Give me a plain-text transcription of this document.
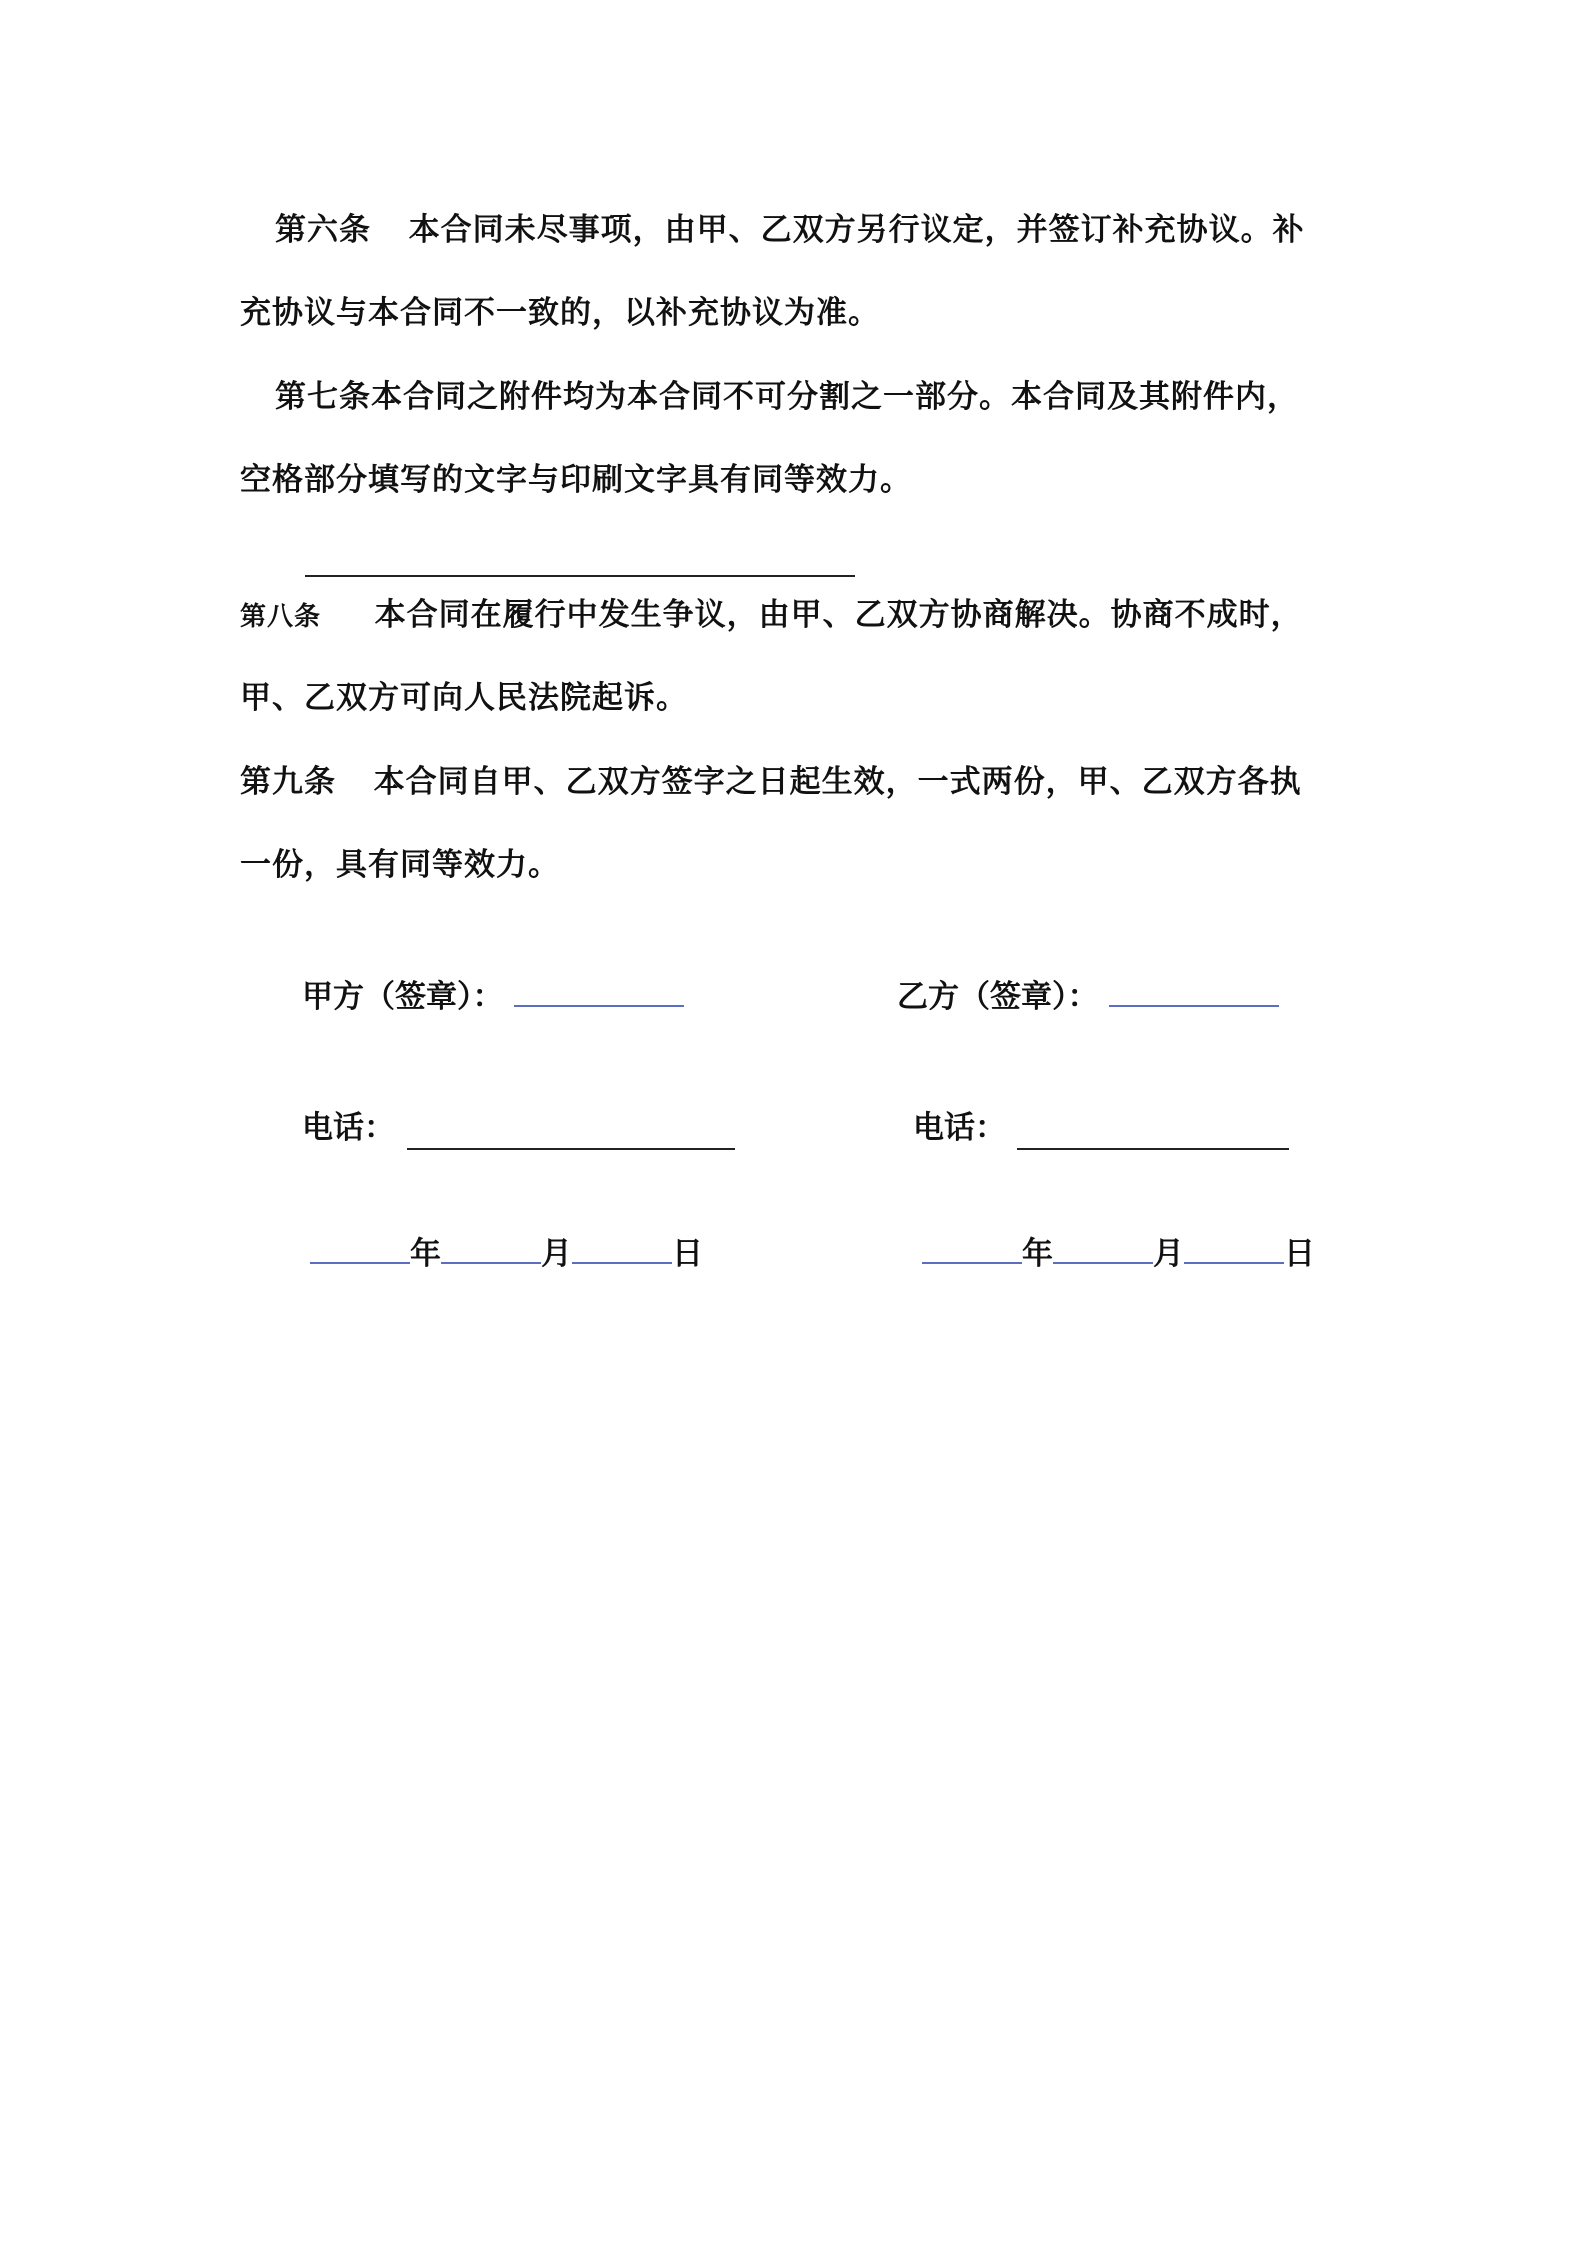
第六条 本合同未尽事项，由甲、乙双方另行议定，并签订补充协议。补
充协议与本合同不一致的，以补充协议为准。
第七条本合同之附件均为本合同不可分割之一部分。本合同及其附件内，
空格部分填写的文字与印刷文字具有同等效力。
第八条 本合同在履行中发生争议，由甲、乙双方协商解决。协商不成时，
甲、乙双方可向人民法院起诉。
第九条 本合同自甲、乙双方签字之日起生效，一式两份，甲、乙双方各执
一份，具有同等效力。
甲方（签章）：	乙方（签章）：
电话：	电话：
年	月	日	年	月	日
